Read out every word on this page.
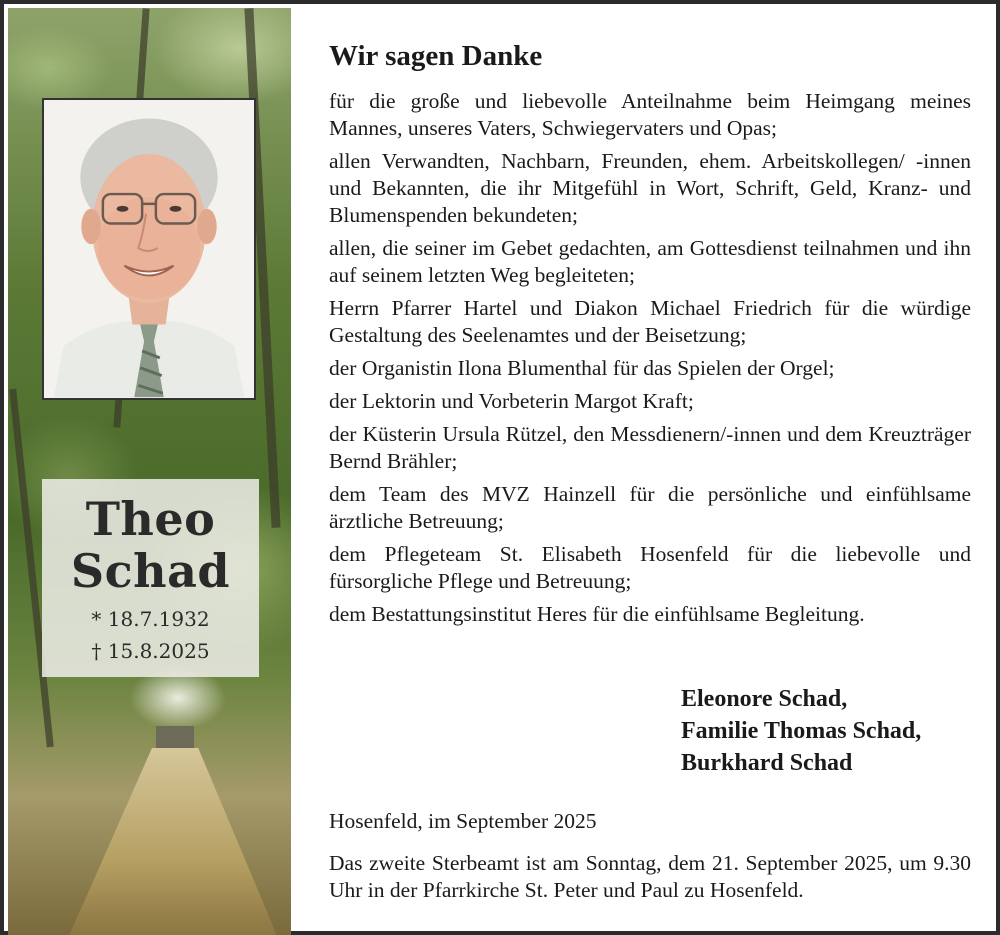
Theo
Schad
* 18.7.1932
† 15.8.2025
Wir sagen Danke

für die große und liebevolle Anteilnahme beim Heimgang meines Mannes, unseres Vaters, Schwiegervaters und Opas;

allen Verwandten, Nachbarn, Freunden, ehem. Arbeitskollegen/ -innen und Bekannten, die ihr Mitgefühl in Wort, Schrift, Geld, Kranz- und Blumenspenden bekundeten;

allen, die seiner im Gebet gedachten, am Gottesdienst teilnahmen und ihn auf seinem letzten Weg begleiteten;

Herrn Pfarrer Hartel und Diakon Michael Friedrich für die würdige Gestaltung des Seelenamtes und der Beisetzung;

der Organistin Ilona Blumenthal für das Spielen der Orgel;

der Lektorin und Vorbeterin Margot Kraft;

der Küsterin Ursula Rützel, den Messdienern/-innen und dem Kreuzträger Bernd Brähler;

dem Team des MVZ Hainzell für die persönliche und einfühlsame ärztliche Betreuung;

dem Pflegeteam St. Elisabeth Hosenfeld für die liebevolle und fürsorgliche Pflege und Betreuung;

dem Bestattungsinstitut Heres für die einfühlsame Begleitung.

Eleonore Schad,
Familie Thomas Schad,
Burkhard Schad
Hosenfeld, im September 2025
Das zweite Sterbeamt ist am Sonntag, dem 21. September 2025, um 9.30 Uhr in der Pfarrkirche St. Peter und Paul zu Hosenfeld.
